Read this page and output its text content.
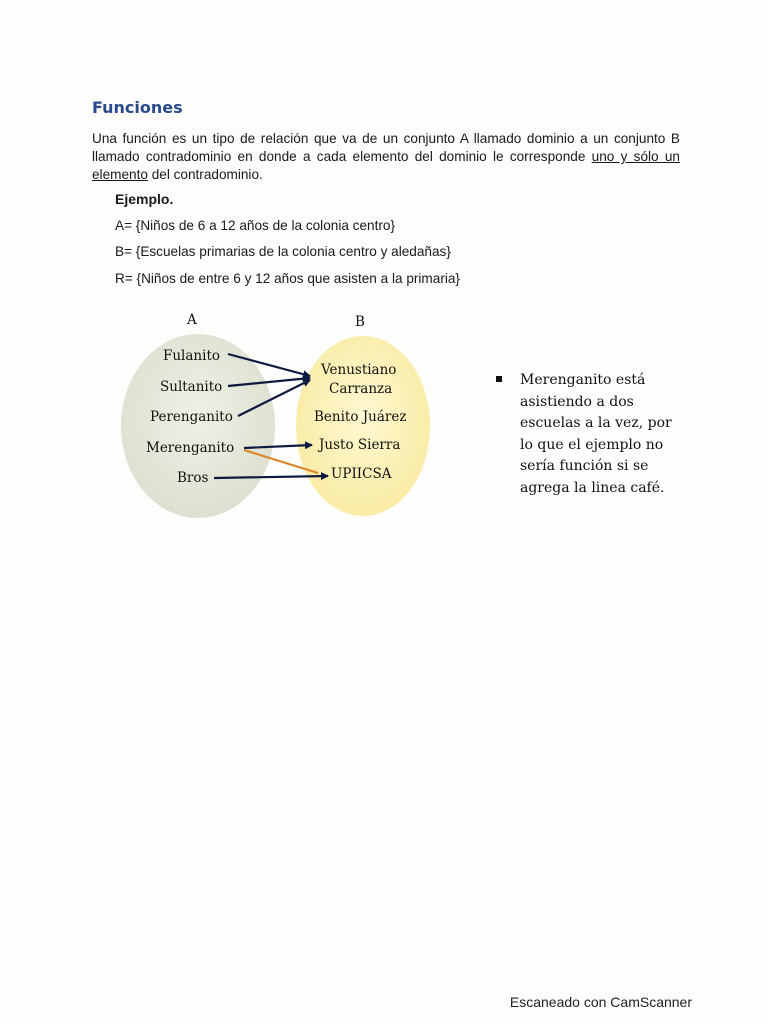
Funciones
Una función es un tipo de relación que va de un conjunto A llamado dominio a un conjunto B llamado contradominio en donde a cada elemento del dominio le corresponde uno y sólo un elemento del contradominio.
Ejemplo.
A= {Niños de 6 a 12 años de la colonia centro}
B= {Escuelas primarias de la colonia centro y aledañas}
R= {Niños de entre 6 y 12 años que asisten a la primaria}
A	B
Fulanito
Sultanito
Perenganito
Merenganito
Bros
Venustiano
Carranza
Benito Juárez
Justo Sierra
UPIICSA
Merenganito está asistiendo a dos escuelas a la vez, por lo que el ejemplo no sería función si se agrega la linea café.
Escaneado con CamScanner
